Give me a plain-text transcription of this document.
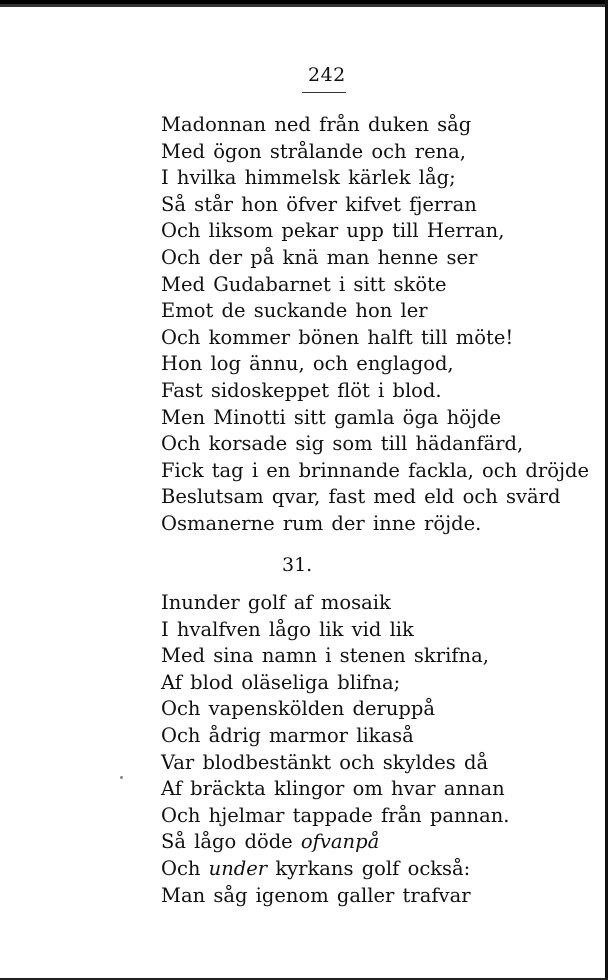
242
Madonnan ned från duken såg
Med ögon strålande och rena,
I hvilka himmelsk kärlek låg;
Så står hon öfver kifvet fjerran
Och liksom pekar upp till Herran,
Och der på knä man henne ser
Med Gudabarnet i sitt sköte
Emot de suckande hon ler
Och kommer bönen halft till möte!
Hon log ännu, och englagod,
Fast sidoskeppet flöt i blod.
Men Minotti sitt gamla öga höjde
Och korsade sig som till hädanfärd,
Fick tag i en brinnande fackla, och dröjde
Beslutsam qvar, fast med eld och svärd
Osmanerne rum der inne röjde.
31.
Inunder golf af mosaik
I hvalfven lågo lik vid lik
Med sina namn i stenen skrifna,
Af blod oläseliga blifna;
Och vapenskölden deruppå
Och ådrig marmor likaså
Var blodbestänkt och skyldes då
Af bräckta klingor om hvar annan
Och hjelmar tappade från pannan.
Så lågo döde ofvanpå
Och under kyrkans golf också:
Man såg igenom galler trafvar
